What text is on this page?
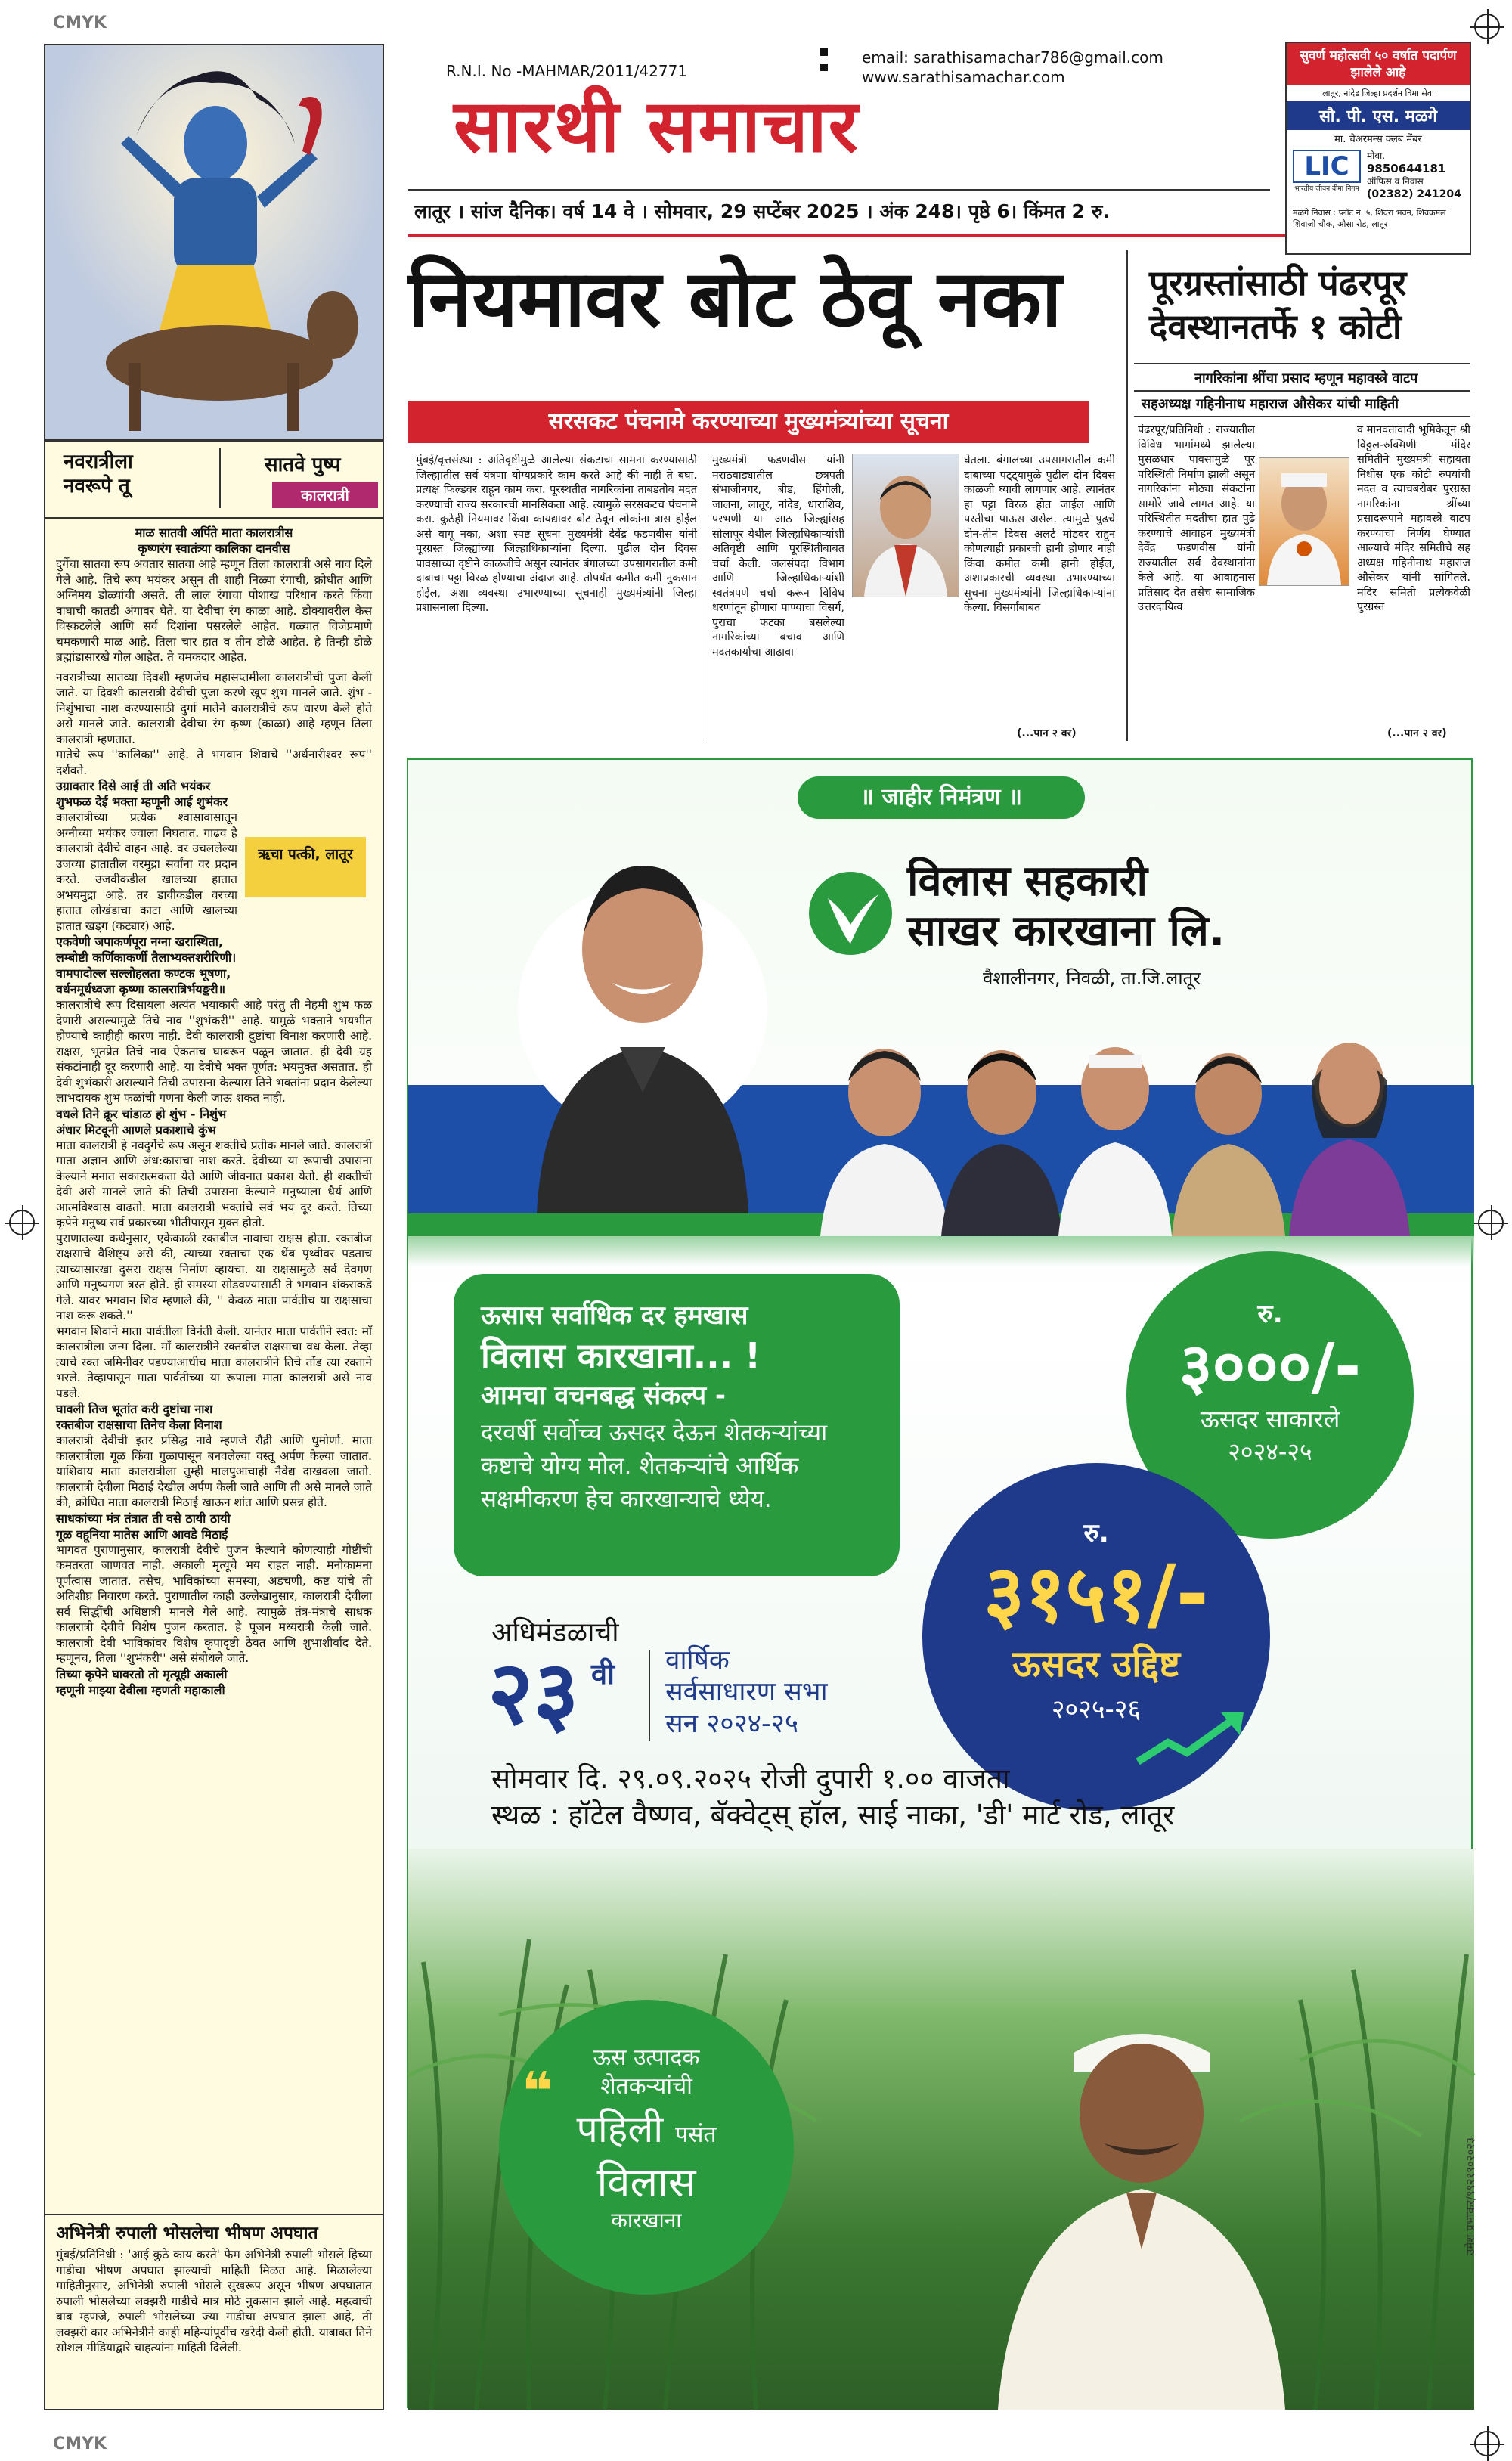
CMYK
CMYK
नवरात्रीला
नवरूपे तू
सातवे पुष्प
कालरात्री
माळ सातवी अर्पिते माता कालरात्रीस
कृष्णरंग स्वातंत्र्या कालिका दानवीस

दुर्गेचा सातवा रूप अवतार सातवा आहे म्हणून तिला कालरात्री असे नाव दिले गेले आहे. तिचे रूप भयंकर असून ती शाही निळ्या रंगाची, क्रोधीत आणि अग्निमय डोळ्यांची असते. ती लाल रंगाचा पोशाख परिधान करते किंवा वाघाची कातडी अंगावर घेते. या देवीचा रंग काळा आहे. डोक्यावरील केस विस्कटलेले आणि सर्व दिशांना पसरलेले आहेत. गळ्यात विजेप्रमाणे चमकणारी माळ आहे. तिला चार हात व तीन डोळे आहेत. हे तिन्ही डोळे ब्रह्मांडासारखे गोल आहेत. ते चमकदार आहेत.

नवरात्रीच्या सातव्या दिवशी म्हणजेच महासप्तमीला कालरात्रीची पुजा केली जाते. या दिवशी कालरात्री देवीची पुजा करणे खूप शुभ मानले जाते. शुंभ - निशुंभाचा नाश करण्यासाठी दुर्गा मातेने कालरात्रीचे रूप धारण केले होते असे मानले जाते. कालरात्री देवीचा रंग कृष्ण (काळा) आहे म्हणून तिला कालरात्री म्हणतात.

मातेचे रूप ''कालिका'' आहे. ते भगवान शिवाचे ''अर्धनारीश्वर रूप'' दर्शवते.

उग्रावतार दिसे आई ती अति भयंकर
शुभफळ देई भक्ता म्हणूनी आई शुभंकर

कालरात्रीच्या प्रत्येक श्वासावासातून अग्नीच्या भयंकर ज्वाला निघतात. गाढव हे कालरात्री देवीचे वाहन आहे. वर उचललेल्या उजव्या हातातील वरमुद्रा सर्वांना वर प्रदान करते. उजवीकडील खालच्या हातात अभयमुद्रा आहे. तर डावीकडील वरच्या हातात लोखंडाचा काटा आणि खालच्या हातात खड्ग (कट्यार) आहे.

ऋचा पत्की, लातूर
एकवेणी जपाकर्णपूरा नग्ना खरास्थिता,
लम्बोष्टी कर्णिकाकर्णी तैलाभ्यक्तशरीरिणी।
वामपादोल्ल सल्लोहलता कण्टक भूषणा,
वर्धनमूर्धध्वजा कृष्णा कालरात्रिर्भयङ्करी॥

कालरात्रीचे रूप दिसायला अत्यंत भयाकारी आहे परंतु ती नेहमी शुभ फळ देणारी असल्यामुळे तिचे नाव ''शुभंकरी'' आहे. यामुळे भक्ताने भयभीत होण्याचे काहीही कारण नाही. देवी कालरात्री दुष्टांचा विनाश करणारी आहे. राक्षस, भूतप्रेत तिचे नाव ऐकताच घाबरून पळून जातात. ही देवी ग्रह संकटांनाही दूर करणारी आहे. या देवीचे भक्त पूर्णत: भयमुक्त असतात. ही देवी शुभंकारी असल्याने तिची उपासना केल्यास तिने भक्तांना प्रदान केलेल्या लाभदायक शुभ फळांची गणना केली जाऊ शकत नाही.

वधले तिने क्रूर चांडाळ हो शुंभ - निशुंभ
अंधार मिटवूनी आणले प्रकाशाचे कुंभ

माता कालरात्री हे नवदुर्गेचे रूप असून शक्तीचे प्रतीक मानले जाते. कालरात्री माता अज्ञान आणि अंध:काराचा नाश करते. देवीच्या या रूपाची उपासना केल्याने मनात सकारात्मकता येते आणि जीवनात प्रकाश येतो. ही शक्तीची देवी असे मानले जाते की तिची उपासना केल्याने मनुष्याला धैर्य आणि आत्मविश्वास वाढतो. माता कालरात्री भक्तांचे सर्व भय दूर करते. तिच्या कृपेने मनुष्य सर्व प्रकारच्या भीतीपासून मुक्त होतो.

पुराणातल्या कथेनुसार, एकेकाळी रक्तबीज नावाचा राक्षस होता. रक्तबीज राक्षसाचे वैशिष्ट्य असे की, त्याच्या रक्ताचा एक थेंब पृथ्वीवर पडताच त्याच्यासारखा दुसरा राक्षस निर्माण व्हायचा. या राक्षसामुळे सर्व देवगण आणि मनुष्यगण त्रस्त होते. ही समस्या सोडवण्यासाठी ते भगवान शंकराकडे गेले. यावर भगवान शिव म्हणाले की, '' केवळ माता पार्वतीच या राक्षसाचा नाश करू शकते.''

भगवान शिवाने माता पार्वतीला विनंती केली. यानंतर माता पार्वतीने स्वत: माँ कालरात्रीला जन्म दिला. माँ कालरात्रीने रक्तबीज राक्षसाचा वध केला. तेव्हा त्याचे रक्त जमिनीवर पडण्याआधीच माता कालरात्रीने तिचे तोंड त्या रक्ताने भरले. तेव्हापासून माता पार्वतीच्या या रूपाला माता कालरात्री असे नाव पडले.

घावली तिज भूतांत करी दुष्टांचा नाश
रक्तबीज राक्षसाचा तिनेच केला विनाश

कालरात्री देवीची इतर प्रसिद्ध नावे म्हणजे रौद्री आणि धुमोर्णा. माता कालरात्रीला गूळ किंवा गुळापासून बनवलेल्या वस्तू अर्पण केल्या जातात. याशिवाय माता कालरात्रीला तुम्ही मालपुआचाही नैवेद्य दाखवला जातो. कालरात्री देवीला मिठाई देखील अर्पण केली जाते आणि ती असे मानले जाते की, क्रोधित माता कालरात्री मिठाई खाऊन शांत आणि प्रसन्न होते.

साधकांच्या मंत्र तंत्रात ती वसे ठायी ठायी
गूळ वहूनिया मातेस आणि आवडे मिठाई

भागवत पुराणानुसार, कालरात्री देवीचे पुजन केल्याने कोणत्याही गोष्टींची कमतरता जाणवत नाही. अकाली मृत्यूचे भय राहत नाही. मनोकामना पूर्णत्वास जातात. तसेच, भाविकांच्या समस्या, अडचणी, कष्ट यांचे ती अतिशीघ्र निवारण करते. पुराणातील काही उल्लेखानुसार, कालरात्री देवीला सर्व सिद्धींची अधिष्ठात्री मानले गेले आहे. त्यामुळे तंत्र-मंत्राचे साधक कालरात्री देवीचे विशेष पुजन करतात. हे पूजन मध्यरात्री केली जाते. कालरात्री देवी भाविकांवर विशेष कृपादृष्टी ठेवत आणि शुभाशीर्वाद देते. म्हणूनच, तिला ''शुभंकरी'' असे संबोधले जाते.

तिच्या कृपेने घावरतो तो मृत्यूही अकाली
म्हणूनी माझ्या देवीला म्हणती महाकाली
अभिनेत्री रुपाली भोसलेचा भीषण अपघात

मुंबई/प्रतिनिधी : 'आई कुठे काय करते' फेम अभिनेत्री रुपाली भोसले हिच्या गाडीचा भीषण अपघात झाल्याची माहिती मिळत आहे. मिळालेल्या माहितीनुसार, अभिनेत्री रुपाली भोसले सुखरूप असून भीषण अपघातात रुपाली भोसलेच्या लक्झरी गाडीचे मात्र मोठे नुकसान झाले आहे. महत्वाची बाब म्हणजे, रुपाली भोसलेच्या ज्या गाडीचा अपघात झाला आहे, ती लक्झरी कार अभिनेत्रीने काही महिन्यांपूर्वीच खरेदी केली होती. याबाबत तिने सोशल मीडियाद्वारे चाहत्यांना माहिती दिलेली.

R.N.I. No -MAHMAR/2011/42771
email: sarathisamachar786@gmail.com
www.sarathisamachar.com
सारथी समाचार
लातूर । सांज दैनिक। वर्ष 14 वे । सोमवार, 29 सप्टेंबर 2025 । अंक 248। पृष्ठे 6। किंमत 2 रु.
सुवर्ण महोत्सवी ५० वर्षात पदार्पण झालेले आहे
लातूर, नांदेड जिल्हा प्रदर्शन विमा सेवा
सौ. पी. एस. मळगे
मा. चेअरमन्स क्लब मेंबर
LIC
भारतीय जीवन बीमा निगम
मोबा.
9850644181
ऑफिस व निवास
(02382) 241204
मळगे निवास : प्लॉट नं. ५, शिवरा भवन, शिवकमल शिवाजी चौक, औसा रोड, लातूर
नियमावर बोट ठेवू नका
सरसकट पंचनामे करण्याच्या मुख्यमंत्र्यांच्या सूचना
मुंबई/वृत्तसंस्था : अतिवृष्टीमुळे आलेल्या संकटाचा सामना करण्यासाठी जिल्ह्यातील सर्व यंत्रणा योग्यप्रकारे काम करते आहे की नाही ते बघा. प्रत्यक्ष फिल्डवर राहून काम करा. पूरस्थतीत नागरिकांना ताबडतोब मदत करण्याची राज्य सरकारची मानसिकता आहे. त्यामुळे सरसकटच पंचनामे करा. कुठेही नियमावर किंवा कायद्यावर बोट ठेवून लोकांना त्रास होईल असे वागू नका, अशा स्पष्ट सूचना मुख्यमंत्री देवेंद्र फडणवीस यांनी पूरग्रस्त जिल्ह्यांच्या जिल्हाधिकाऱ्यांना दिल्या. पुढील दोन दिवस पावसाच्या दृष्टीने काळजीचे असून त्यानंतर बंगालच्या उपसागरातील कमी दाबाचा पट्टा विरळ होण्याचा अंदाज आहे. तोपर्यंत कमीत कमी नुकसान होईल, अशा व्यवस्था उभारण्याच्या सूचनाही मुख्यमंत्र्यांनी जिल्हा प्रशासनाला दिल्या.
मुख्यमंत्री फडणवीस यांनी मराठवाड्यातील छत्रपती संभाजीनगर, बीड, हिंगोली, जालना, लातूर, नांदेड, धाराशिव, परभणी या आठ जिल्ह्यांसह सोलापूर येथील जिल्हाधिकाऱ्यांशी अतिवृष्टी आणि पूरस्थितीबाबत चर्चा केली. जलसंपदा विभाग आणि जिल्हाधिकाऱ्यांशी स्वतंत्रपणे चर्चा करून विविध धरणांतून होणारा पाण्याचा विसर्ग, पुराचा फटका बसलेल्या नागरिकांच्या बचाव आणि मदतकार्याचा आढावा
घेतला. बंगालच्या उपसागरातील कमी दाबाच्या पट्ट्यामुळे पुढील दोन दिवस काळजी घ्यावी लागणार आहे. त्यानंतर हा पट्टा विरळ होत जाईल आणि परतीचा पाऊस असेल. त्यामुळे पुढचे दोन-तीन दिवस अलर्ट मोडवर राहून कोणत्याही प्रकारची हानी होणार नाही किंवा कमीत कमी हानी होईल, अशाप्रकारची व्यवस्था उभारण्याच्या सूचना मुख्यमंत्र्यांनी जिल्हाधिकाऱ्यांना केल्या. विसर्गाबाबत
(...पान २ वर)
पूरग्रस्तांसाठी पंढरपूर
देवस्थानतर्फे १ कोटी
नागरिकांना श्रींचा प्रसाद म्हणून महावस्त्रे वाटप
सहअध्यक्ष गहिनीनाथ महाराज औसेकर यांची माहिती
पंढरपूर/प्रतिनिधी : राज्यातील विविध भागांमध्ये झालेल्या मुसळधार पावसामुळे पूर परिस्थिती निर्माण झाली असून नागरिकांना मोठ्या संकटांना सामोरे जावे लागत आहे. या परिस्थितीत मदतीचा हात पुढे करण्याचे आवाहन मुख्यमंत्री देवेंद्र फडणवीस यांनी राज्यातील सर्व देवस्थानांना केले आहे. या आवाहनास प्रतिसाद देत तसेच सामाजिक उत्तरदायित्व
व मानवतावादी भूमिकेतून श्री विठ्ठल-रुक्मिणी मंदिर समितीने मुख्यमंत्री सहायता निधीस एक कोटी रुपयांची मदत व त्याचबरोबर पुरग्रस्त नागरिकांना श्रींच्या प्रसादरूपाने महावस्त्रे वाटप करण्याचा निर्णय घेण्यात आल्याचे मंदिर समितीचे सह अध्यक्ष गहिनीनाथ महाराज औसेकर यांनी सांगितले. मंदिर समिती प्रत्येकवेळी पुरग्रस्त
(...पान २ वर)
॥ जाहीर निमंत्रण ॥
विलास सहकारी
साखर कारखाना लि.
वैशालीनगर, निवळी, ता.जि.लातूर
ऊसास सर्वाधिक दर हमखास
विलास कारखाना... !
आमचा वचनबद्ध संकल्प -
दरवर्षी सर्वोच्च ऊसदर देऊन शेतकऱ्यांच्या कष्टाचे योग्य मोल. शेतकऱ्यांचे आर्थिक सक्षमीकरण हेच कारखान्याचे ध्येय.
रु.
३०००/-
ऊसदर साकारले
२०२४-२५
रु.
३१५१/-
ऊसदर उद्दिष्ट
२०२५-२६
अधिमंडळाची
२३ वी वार्षिक
सर्वसाधारण सभा
सन २०२४-२५
सोमवार दि. २९.०९.२०२५ रोजी दुपारी १.०० वाजता
स्थळ : हॉटेल वैष्णव, बॅक्वेट्स् हॉल, साई नाका, 'डी' मार्ट रोड, लातूर
❝
ऊस उत्पादक
शेतकऱ्यांची
पहिली पसंत
विलास
कारखाना	उमेश प्रभाकर/९९२१९०२०२३
